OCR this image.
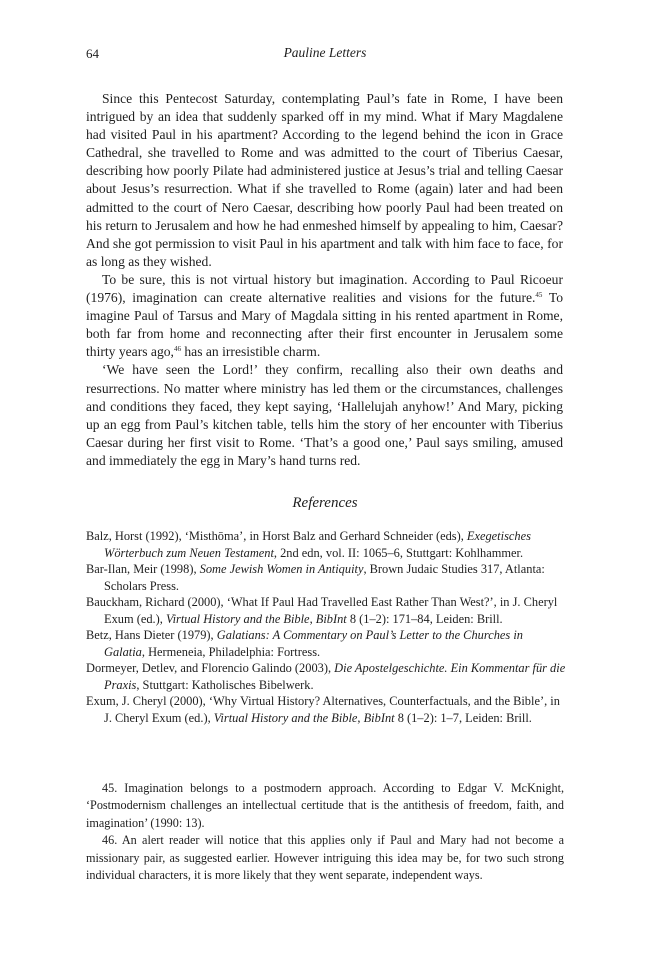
64	Pauline Letters

Since this Pentecost Saturday, contemplating Paul’s fate in Rome, I have been intrigued by an idea that suddenly sparked off in my mind. What if Mary Magdalene had visited Paul in his apartment? According to the legend behind the icon in Grace Cathedral, she travelled to Rome and was admitted to the court of Tiberius Caesar, describing how poorly Pilate had administered justice at Jesus’s trial and telling Caesar about Jesus’s resurrection. What if she travelled to Rome (again) later and had been admitted to the court of Nero Caesar, describing how poorly Paul had been treated on his return to Jerusalem and how he had enmeshed himself by appealing to him, Caesar? And she got permission to visit Paul in his apartment and talk with him face to face, for as long as they wished.

To be sure, this is not virtual history but imagination. According to Paul Ricoeur (1976), imagination can create alternative realities and visions for the future.$^{45}$ To imagine Paul of Tarsus and Mary of Magdala sitting in his rented apartment in Rome, both far from home and reconnecting after their first encounter in Jerusalem some thirty years ago,$^{46}$ has an irresistible charm.

‘We have seen the Lord!’ they confirm, recalling also their own deaths and resurrections. No matter where ministry has led them or the circumstances, challenges and conditions they faced, they kept saying, ‘Hallelujah anyhow!’ And Mary, picking up an egg from Paul’s kitchen table, tells him the story of her encounter with Tiberius Caesar during her first visit to Rome. ‘That’s a good one,’ Paul says smiling, amused and immediately the egg in Mary’s hand turns red.

References

Balz, Horst (1992), ‘Misthōma’, in Horst Balz and Gerhard Schneider (eds), Exegetisches Wörterbuch zum Neuen Testament, 2nd edn, vol. II: 1065–6, Stuttgart: Kohlhammer.

Bar-Ilan, Meir (1998), Some Jewish Women in Antiquity, Brown Judaic Studies 317, Atlanta: Scholars Press.

Bauckham, Richard (2000), ‘What If Paul Had Travelled East Rather Than West?’, in J. Cheryl Exum (ed.), Virtual History and the Bible, BibInt 8 (1–2): 171–84, Leiden: Brill.

Betz, Hans Dieter (1979), Galatians: A Commentary on Paul’s Letter to the Churches in Galatia, Hermeneia, Philadelphia: Fortress.

Dormeyer, Detlev, and Florencio Galindo (2003), Die Apostelgeschichte. Ein Kommentar für die Praxis, Stuttgart: Katholisches Bibelwerk.

Exum, J. Cheryl (2000), ‘Why Virtual History? Alternatives, Counterfactuals, and the Bible’, in J. Cheryl Exum (ed.), Virtual History and the Bible, BibInt 8 (1–2): 1–7, Leiden: Brill.

45. Imagination belongs to a postmodern approach. According to Edgar V. McKnight, ‘Postmodernism challenges an intellectual certitude that is the antithesis of freedom, faith, and imagination’ (1990: 13).

46. An alert reader will notice that this applies only if Paul and Mary had not become a missionary pair, as suggested earlier. However intriguing this idea may be, for two such strong individual characters, it is more likely that they went separate, independent ways.
